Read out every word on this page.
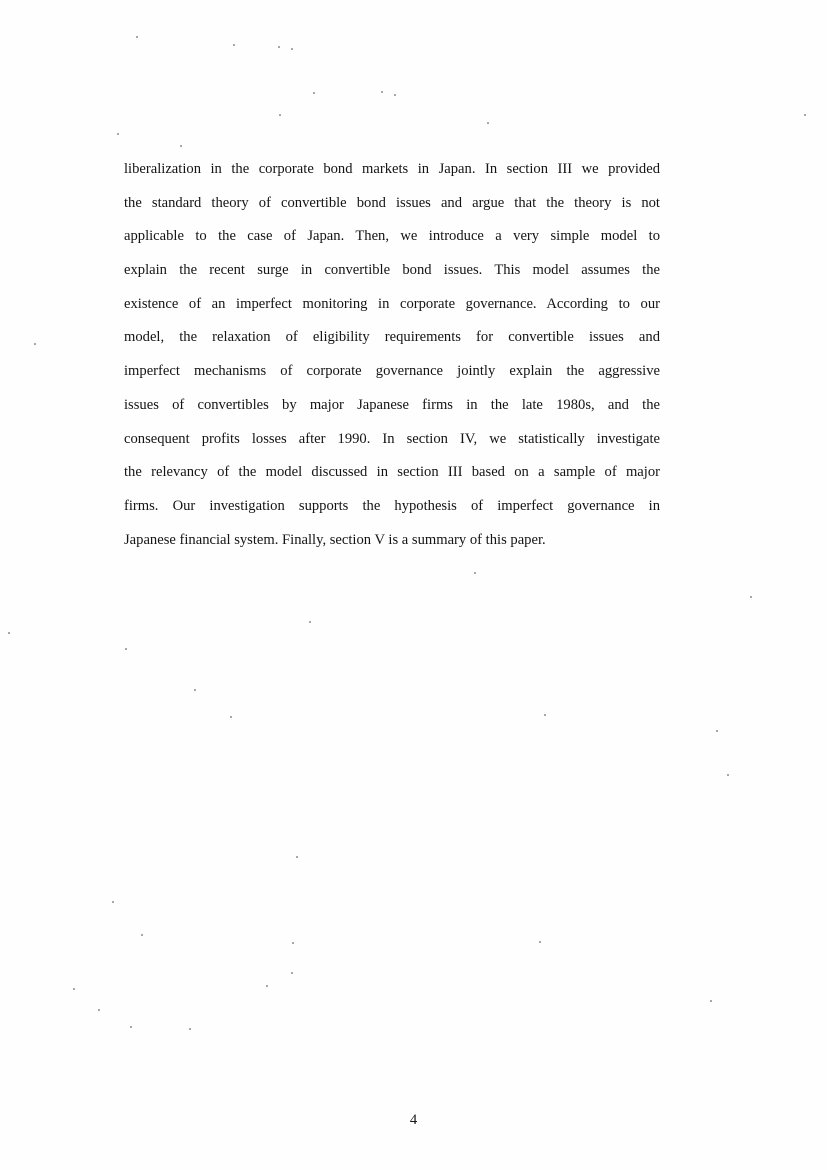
liberalization in the corporate bond markets in Japan. In section III we provided
the standard theory of convertible bond issues and argue that the theory is not
applicable to the case of Japan. Then, we introduce a very simple model to
explain the recent surge in convertible bond issues. This model assumes the
existence of an imperfect monitoring in corporate governance. According to our
model, the relaxation of eligibility requirements for convertible issues and
imperfect mechanisms of corporate governance jointly explain the aggressive
issues of convertibles by major Japanese firms in the late 1980s, and the
consequent profits losses after 1990. In section IV, we statistically investigate
the relevancy of the model discussed in section III based on a sample of major
firms. Our investigation supports the hypothesis of imperfect governance in
Japanese financial system. Finally, section V is a summary of this paper.

4
